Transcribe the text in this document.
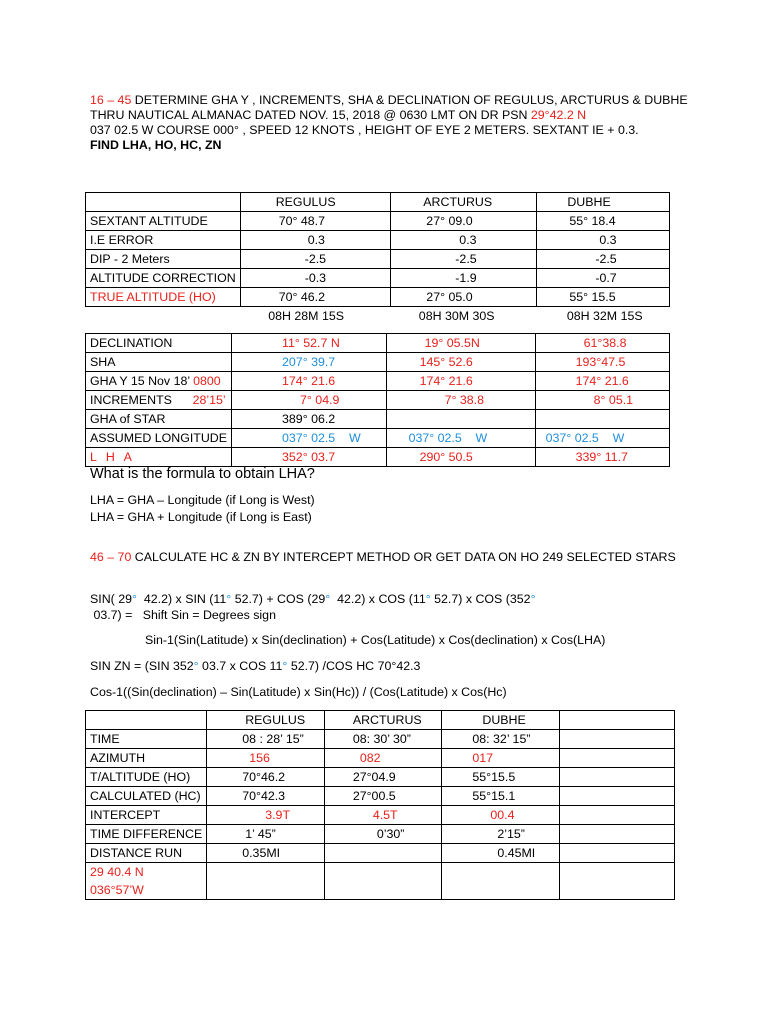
16 – 45 DETERMINE GHA Y , INCREMENTS, SHA & DECLINATION OF REGULUS, ARCTURUS & DUBHE THRU NAUTICAL ALMANAC DATED NOV. 15, 2018 @ 0630 LMT ON DR PSN 29°42.2 N
037 02.5 W COURSE 000° , SPEED 12 KNOTS , HEIGHT OF EYE 2 METERS. SEXTANT IE + 0.3.
FIND LHA, HO, HC, ZN
	REGULUS	ARCTURUS	DUBHE
SEXTANT ALTITUDE	70° 48.7	27° 09.0	55° 18.4
I.E ERROR	0.3	0.3	0.3
DIP - 2 Meters	-2.5	-2.5	-2.5
ALTITUDE CORRECTION	-0.3	-1.9	-0.7
TRUE ALTITUDE (HO)	70° 46.2	27° 05.0	55° 15.5
	08H 28M 15S	08H 30M 30S	08H 32M 15S
DECLINATION	11° 52.7 N	19° 05.5N	61°38.8
SHA	207° 39.7	145° 52.6	193°47.5
GHA Y 15 Nov 18’ 0800	174° 21.6	174° 21.6	174° 21.6
INCREMENTS      28’15’	7° 04.9	7° 38.8	8° 05.1
GHA of STAR	389° 06.2		
ASSUMED LONGITUDE	037° 02.5    W	037° 02.5    W	037° 02.5    W
L H A	352° 03.7	290° 50.5	339° 11.7
What is the formula to obtain LHA?
LHA = GHA – Longitude (if Long is West)
LHA = GHA + Longitude (if Long is East)
46 – 70 CALCULATE HC & ZN BY INTERCEPT METHOD OR GET DATA ON HO 249 SELECTED STARS
SIN( 29°  42.2) x SIN (11° 52.7) + COS (29°  42.2) x COS (11° 52.7) x COS (352° 03.7) =   Shift Sin = Degrees sign
Sin-1(Sin(Latitude) x Sin(declination) + Cos(Latitude) x Cos(declination) x Cos(LHA)
SIN ZN = (SIN 352° 03.7 x COS 11° 52.7) /COS HC 70°42.3
Cos-1((Sin(declination) – Sin(Latitude) x Sin(Hc)) / (Cos(Latitude) x Cos(Hc)
	REGULUS	ARCTURUS	DUBHE	
TIME	08 : 28’ 15”	08: 30’ 30”	08: 32’ 15”	
AZIMUTH	156	082	017	
T/ALTITUDE (HO)	70°46.2	27°04.9	55°15.5	
CALCULATED (HC)	70°42.3	27°00.5	55°15.1	
INTERCEPT	3.9T	4.5T	00.4	
TIME DIFFERENCE	1’ 45”	0’30”	2’15”	
DISTANCE RUN	0.35MI		0.45MI	
29 40.4 N
036°57’W				
